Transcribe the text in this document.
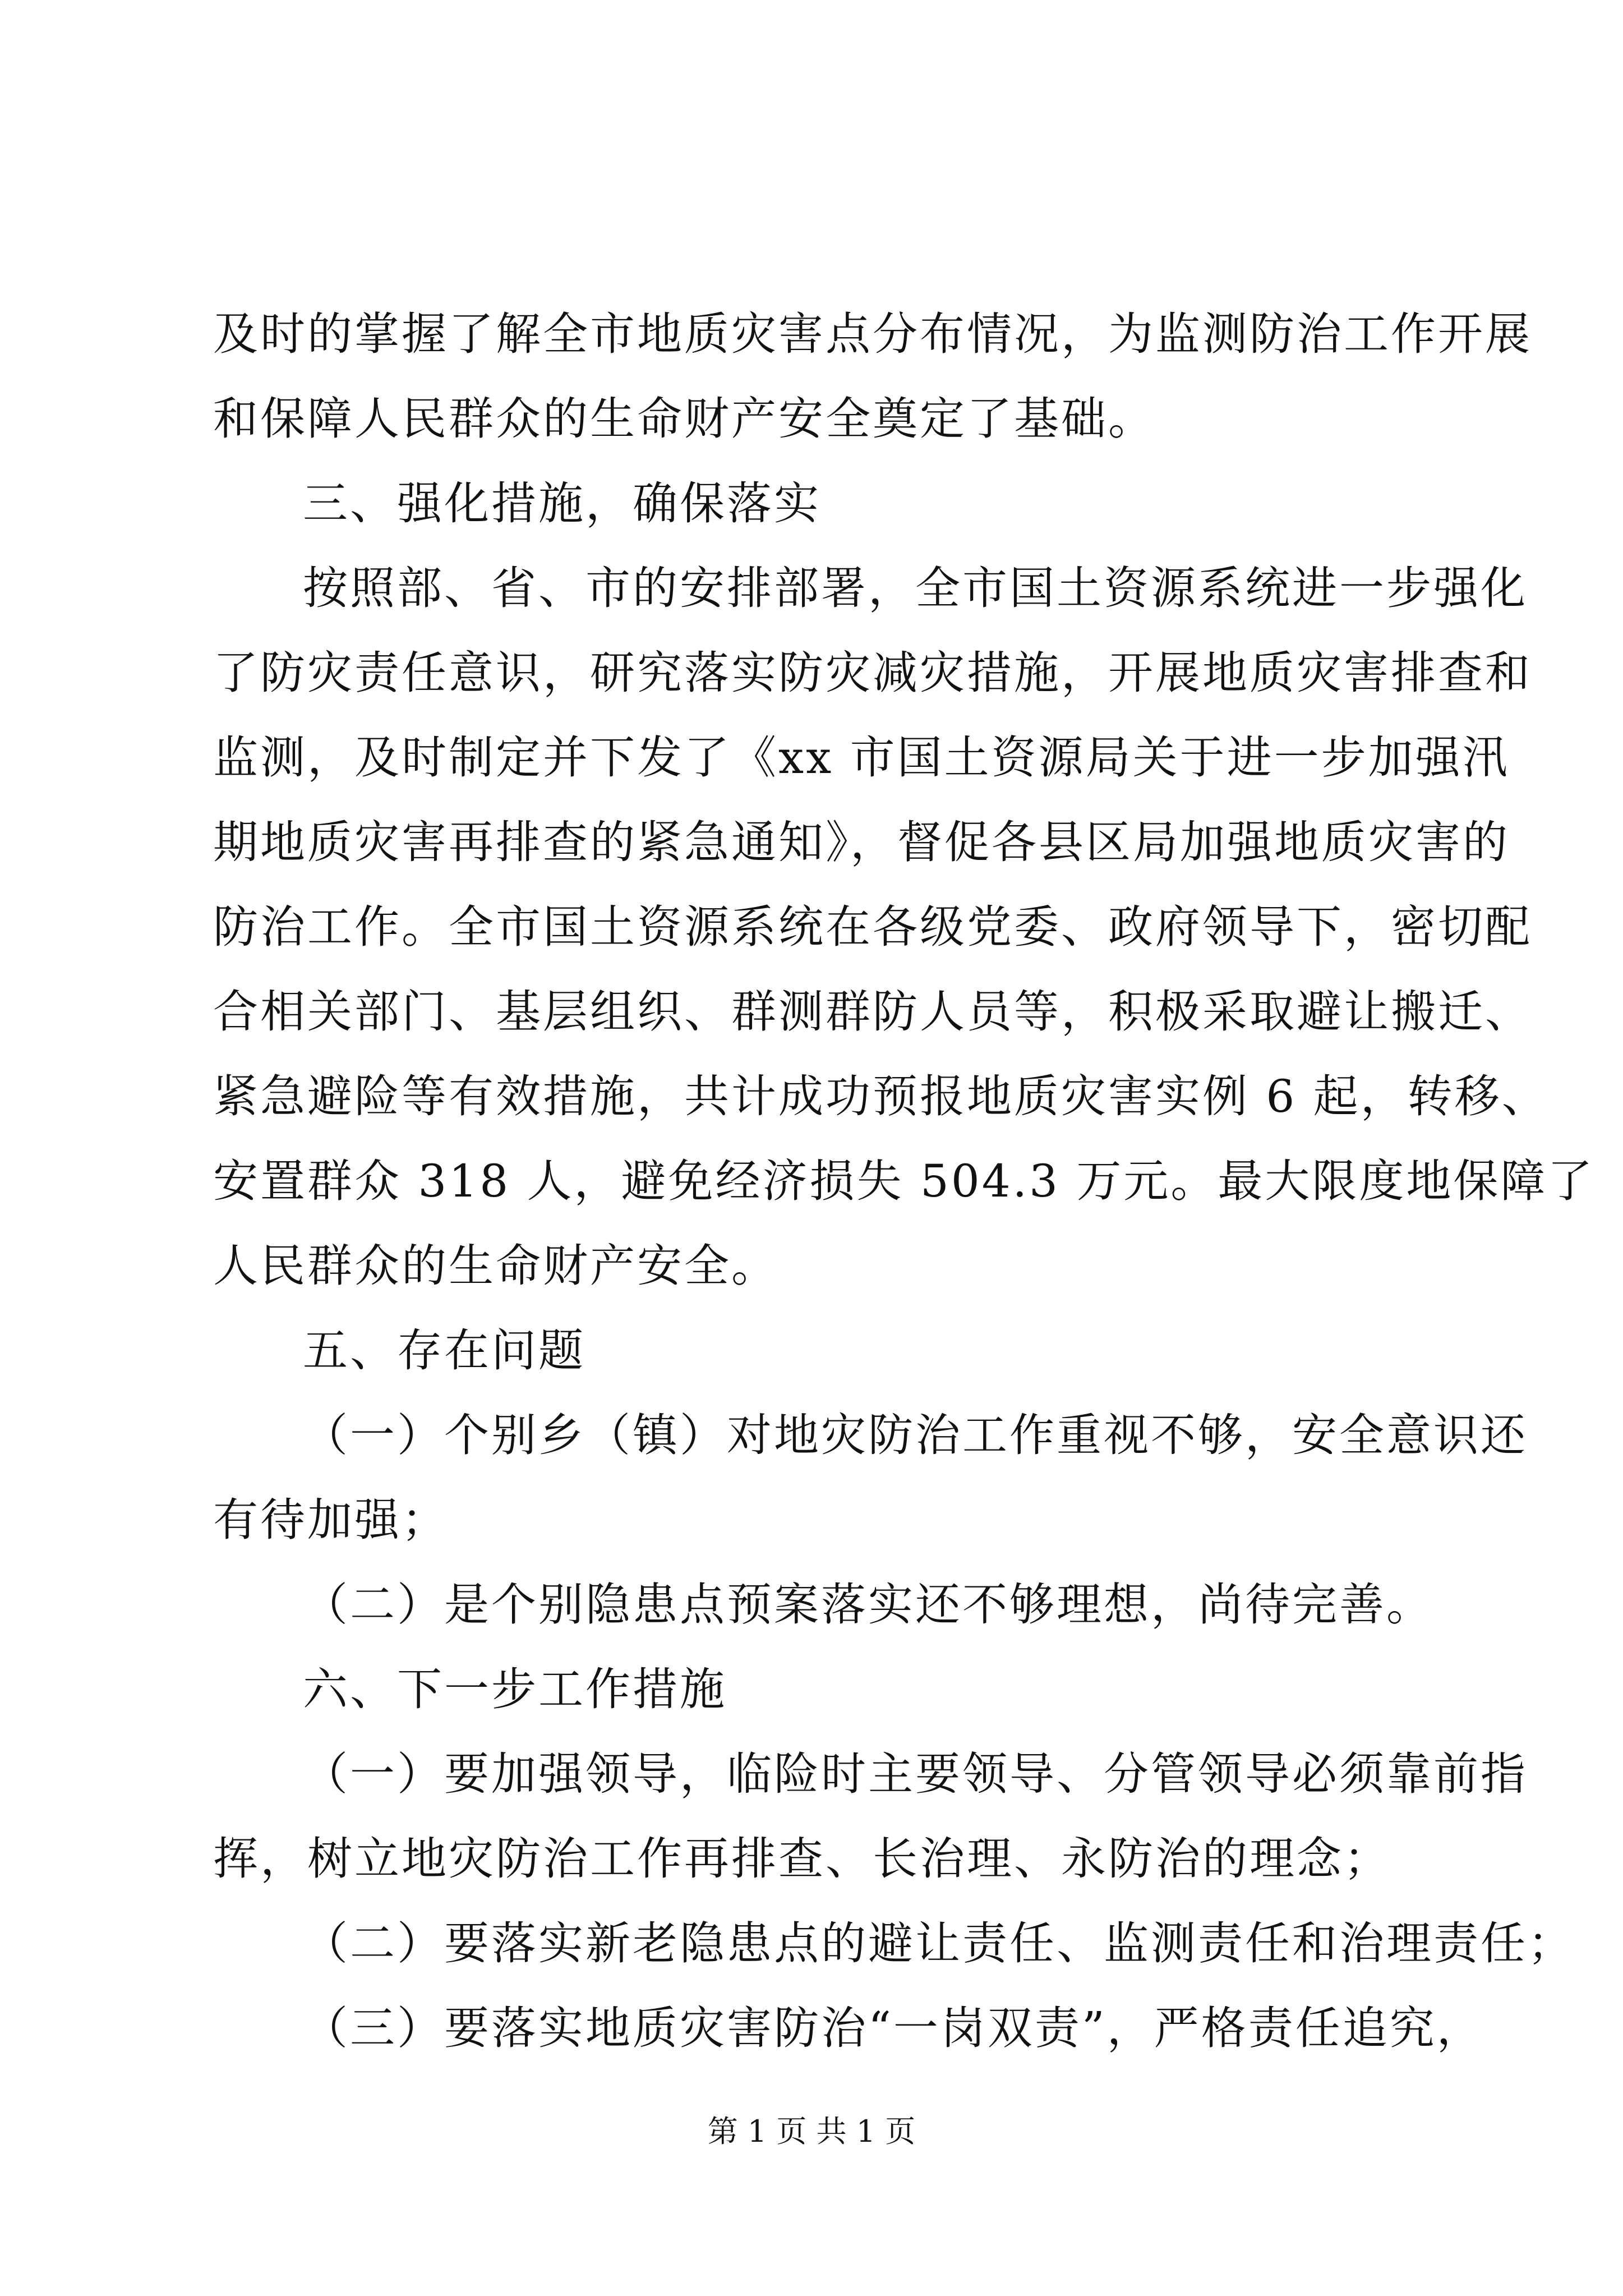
及时的掌握了解全市地质灾害点分布情况，为监测防治工作开展
和保障人民群众的生命财产安全奠定了基础。
三、强化措施，确保落实
按照部、省、市的安排部署，全市国土资源系统进一步强化
了防灾责任意识，研究落实防灾减灾措施，开展地质灾害排查和
监测，及时制定并下发了《xx 市国土资源局关于进一步加强汛
期地质灾害再排查的紧急通知》，督促各县区局加强地质灾害的
防治工作。全市国土资源系统在各级党委、政府领导下，密切配
合相关部门、基层组织、群测群防人员等，积极采取避让搬迁、
紧急避险等有效措施，共计成功预报地质灾害实例 6 起，转移、
安置群众 318 人，避免经济损失 504.3 万元。最大限度地保障了
人民群众的生命财产安全。
五、存在问题
（一）个别乡（镇）对地灾防治工作重视不够，安全意识还
有待加强；
（二）是个别隐患点预案落实还不够理想，尚待完善。
六、下一步工作措施
（一）要加强领导，临险时主要领导、分管领导必须靠前指
挥，树立地灾防治工作再排查、长治理、永防治的理念；
（二）要落实新老隐患点的避让责任、监测责任和治理责任；
（三）要落实地质灾害防治“一岗双责”，严格责任追究，
第 1 页 共 1 页
